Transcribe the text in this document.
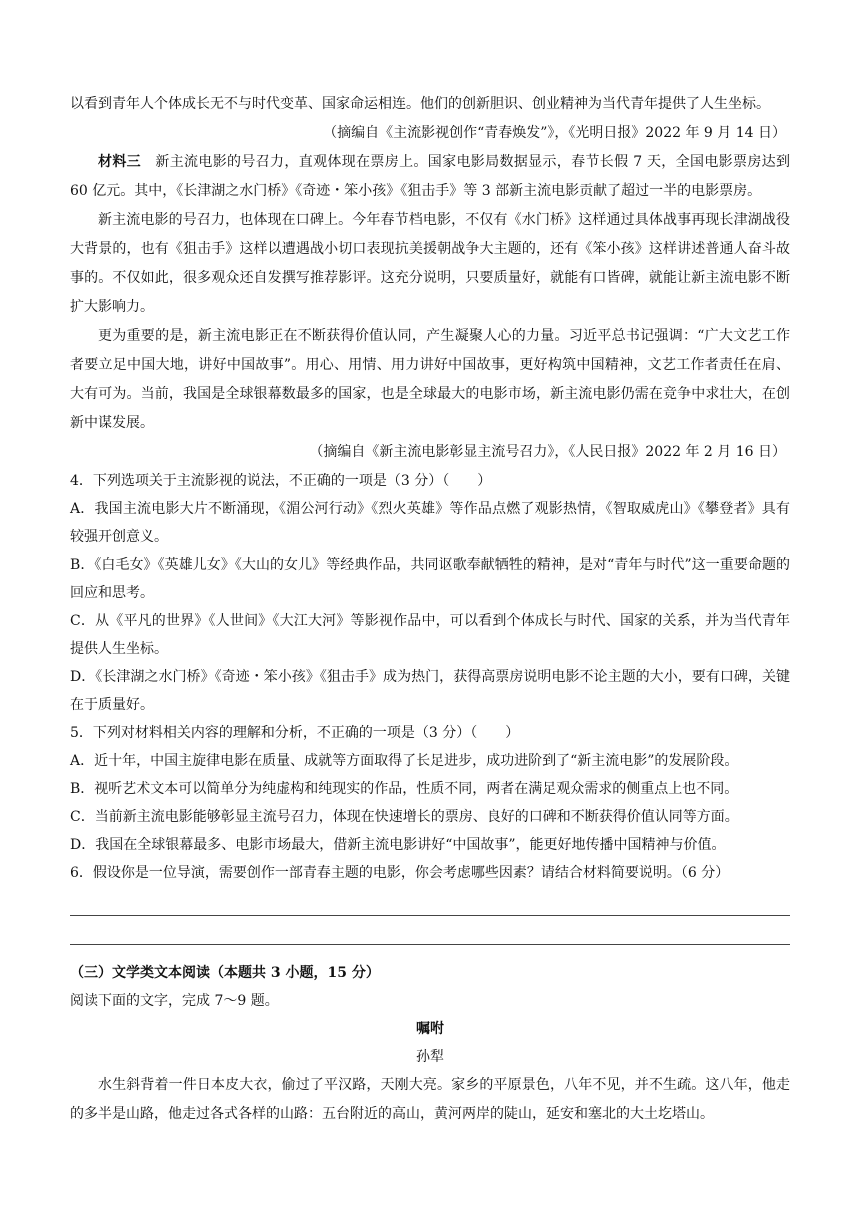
以看到青年人个体成长无不与时代变革、国家命运相连。他们的创新胆识、创业精神为当代青年提供了人生坐标。

（摘编自《主流影视创作“青春焕发”》，《光明日报》2022 年 9 月 14 日）

材料三　 新主流电影的号召力，直观体现在票房上。国家电影局数据显示，春节长假 7 天，全国电影票房达到 60 亿元。其中，《长津湖之水门桥》《奇迹・笨小孩》《狙击手》等 3 部新主流电影贡献了超过一半的电影票房。

新主流电影的号召力，也体现在口碑上。今年春节档电影，不仅有《水门桥》这样通过具体战事再现长津湖战役大背景的，也有《狙击手》这样以遭遇战小切口表现抗美援朝战争大主题的，还有《笨小孩》这样讲述普通人奋斗故事的。不仅如此，很多观众还自发撰写推荐影评。这充分说明，只要质量好，就能有口皆碑，就能让新主流电影不断扩大影响力。

更为重要的是，新主流电影正在不断获得价值认同，产生凝聚人心的力量。习近平总书记强调：“广大文艺工作者要立足中国大地，讲好中国故事”。用心、用情、用力讲好中国故事，更好构筑中国精神，文艺工作者责任在肩、大有可为。当前，我国是全球银幕数最多的国家，也是全球最大的电影市场，新主流电影仍需在竞争中求壮大，在创新中谋发展。

（摘编自《新主流电影彰显主流号召力》，《人民日报》2022 年 2 月 16 日）

4．下列选项关于主流影视的说法，不正确的一项是（3 分）（　　）

A．我国主流电影大片不断涌现，《湄公河行动》《烈火英雄》等作品点燃了观影热情，《智取威虎山》《攀登者》具有较强开创意义。

B．《白毛女》《英雄儿女》《大山的女儿》等经典作品，共同讴歌奉献牺牲的精神，是对“青年与时代”这一重要命题的回应和思考。

C．从《平凡的世界》《人世间》《大江大河》等影视作品中，可以看到个体成长与时代、国家的关系，并为当代青年提供人生坐标。

D．《长津湖之水门桥》《奇迹・笨小孩》《狙击手》成为热门，获得高票房说明电影不论主题的大小，要有口碑，关键在于质量好。

5．下列对材料相关内容的理解和分析，不正确的一项是（3 分）（　　）

A．近十年，中国主旋律电影在质量、成就等方面取得了长足进步，成功进阶到了“新主流电影”的发展阶段。

B．视听艺术文本可以简单分为纯虚构和纯现实的作品，性质不同，两者在满足观众需求的侧重点上也不同。

C．当前新主流电影能够彰显主流号召力，体现在快速增长的票房、良好的口碑和不断获得价值认同等方面。

D．我国在全球银幕最多、电影市场最大，借新主流电影讲好“中国故事”，能更好地传播中国精神与价值。

6．假设你是一位导演，需要创作一部青春主题的电影，你会考虑哪些因素？请结合材料简要说明。（6 分）

（三）文学类文本阅读（本题共 3 小题，15 分）

阅读下面的文字，完成 7～9 题。

嘱咐

孙犁

水生斜背着一件日本皮大衣，偷过了平汉路，天刚大亮。家乡的平原景色，八年不见，并不生疏。这八年，他走的多半是山路，他走过各式各样的山路：五台附近的高山，黄河两岸的陡山，延安和塞北的大土圪塔山。
